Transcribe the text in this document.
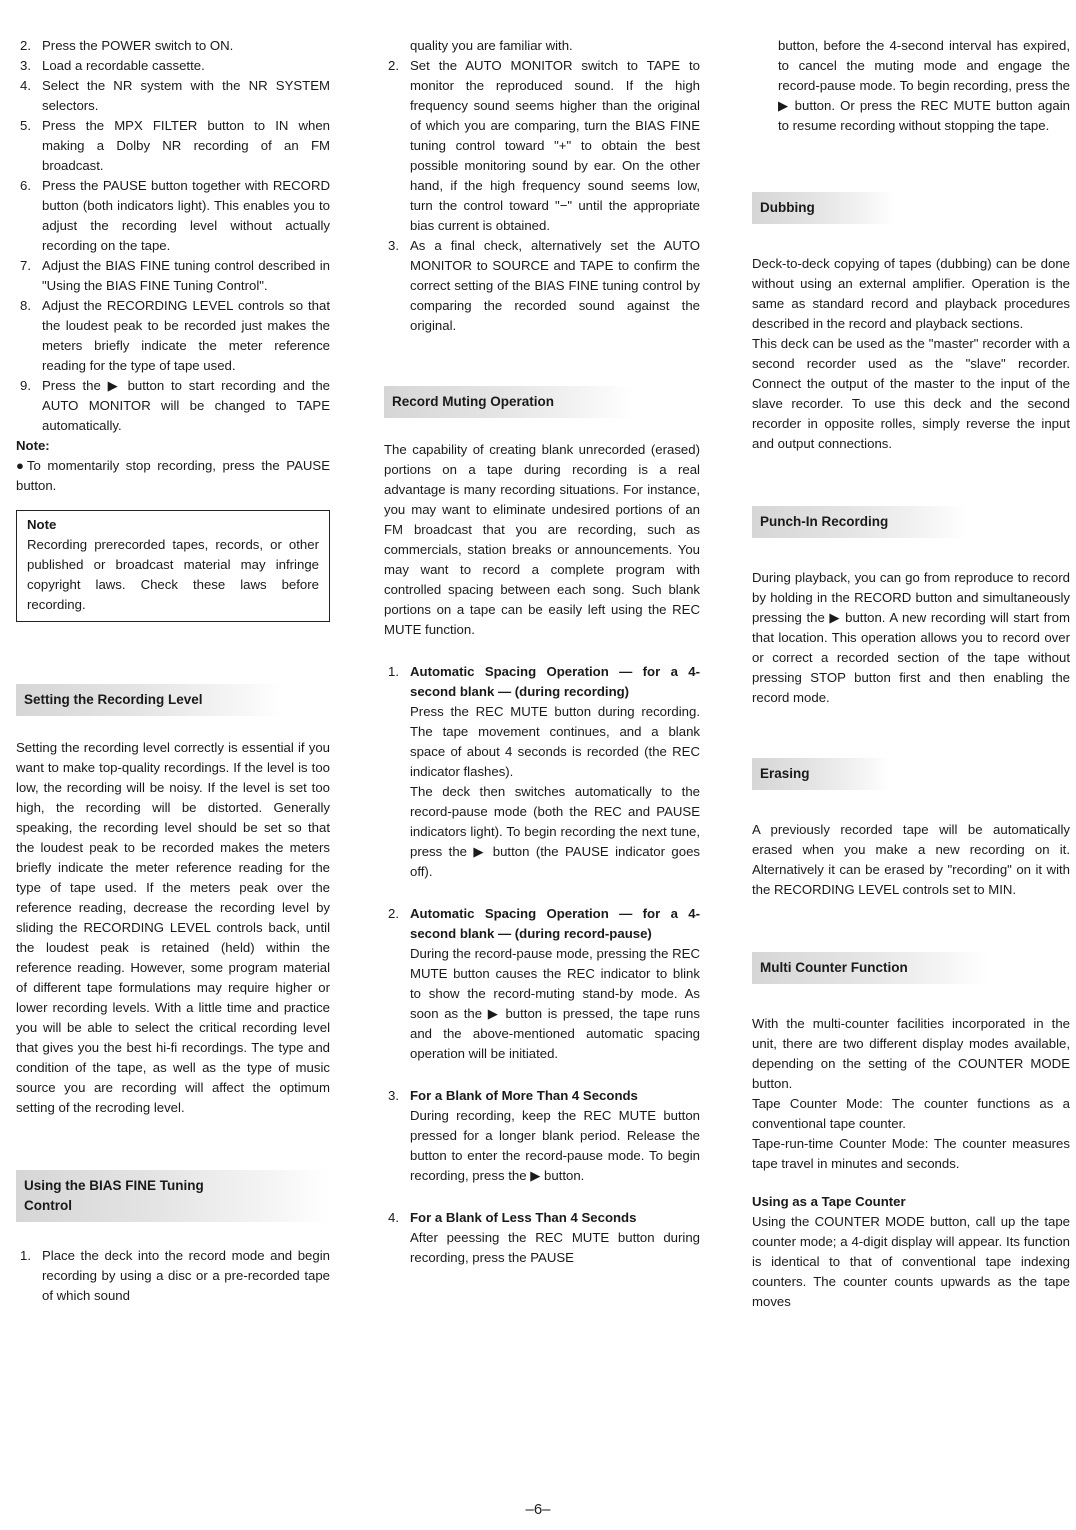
2. Press the POWER switch to ON.
3. Load a recordable cassette.
4. Select the NR system with the NR SYSTEM selectors.
5. Press the MPX FILTER button to IN when making a Dolby NR recording of an FM broadcast.
6. Press the PAUSE button together with RECORD button (both indicators light). This enables you to adjust the recording level without actually recording on the tape.
7. Adjust the BIAS FINE tuning control described in "Using the BIAS FINE Tuning Control".
8. Adjust the RECORDING LEVEL controls so that the loudest peak to be recorded just makes the meters briefly indicate the meter reference reading for the type of tape used.
9. Press the ▶ button to start recording and the AUTO MONITOR will be changed to TAPE automatically.

Note:

●To momentarily stop recording, press the PAUSE button.

Note

Recording prerecorded tapes, records, or other published or broadcast material may infringe copyright laws. Check these laws before recording.

Setting the Recording Level

Setting the recording level correctly is essential if you want to make top-quality recordings. If the level is too low, the recording will be noisy. If the level is set too high, the recording will be distorted. Generally speaking, the recording level should be set so that the loudest peak to be recorded makes the meters briefly indicate the meter reference reading for the type of tape used. If the meters peak over the reference reading, decrease the recording level by sliding the RECORDING LEVEL controls back, until the loudest peak is retained (held) within the reference reading. However, some program material of different tape formulations may require higher or lower recording levels. With a little time and practice you will be able to select the critical recording level that gives you the best hi-fi recordings. The type and condition of the tape, as well as the type of music source you are recording will affect the optimum setting of the recroding level.

Using the BIAS FINE Tuning Control
1. Place the deck into the record mode and begin recording by using a disc or a pre-recorded tape of which sound
quality you are familiar with.
2. Set the AUTO MONITOR switch to TAPE to monitor the reproduced sound. If the high frequency sound seems higher than the original of which you are comparing, turn the BIAS FINE tuning control toward "+" to obtain the best possible monitoring sound by ear. On the other hand, if the high frequency sound seems low, turn the control toward "−" until the appropriate bias current is obtained.
3. As a final check, alternatively set the AUTO MONITOR to SOURCE and TAPE to confirm the correct setting of the BIAS FINE tuning control by comparing the recorded sound against the original.
Record Muting Operation

The capability of creating blank unrecorded (erased) portions on a tape during recording is a real advantage is many recording situations. For instance, you may want to eliminate undesired portions of an FM broadcast that you are recording, such as commercials, station breaks or announcements. You may want to record a complete program with controlled spacing between each song. Such blank portions on a tape can be easily left using the REC MUTE function.

1. Automatic Spacing Operation — for a 4-second blank — (during recording)

Press the REC MUTE button during recording. The tape movement continues, and a blank space of about 4 seconds is recorded (the REC indicator flashes).

The deck then switches automatically to the record-pause mode (both the REC and PAUSE indicators light). To begin recording the next tune, press the ▶ button (the PAUSE indicator goes off).

2. Automatic Spacing Operation — for a 4-second blank — (during record-pause)

During the record-pause mode, pressing the REC MUTE button causes the REC indicator to blink to show the record-muting stand-by mode. As soon as the ▶ button is pressed, the tape runs and the above-mentioned automatic spacing operation will be initiated.

3. For a Blank of More Than 4 Seconds

During recording, keep the REC MUTE button pressed for a longer blank period. Release the button to enter the record-pause mode. To begin recording, press the ▶ button.

4. For a Blank of Less Than 4 Seconds

After peessing the REC MUTE button during recording, press the PAUSE

button, before the 4-second interval has expired, to cancel the muting mode and engage the record-pause mode. To begin recording, press the ▶ button. Or press the REC MUTE button again to resume recording without stopping the tape.

Dubbing

Deck-to-deck copying of tapes (dubbing) can be done without using an external amplifier. Operation is the same as standard record and playback procedures described in the record and playback sections.

This deck can be used as the "master" recorder with a second recorder used as the "slave" recorder. Connect the output of the master to the input of the slave recorder. To use this deck and the second recorder in opposite rolles, simply reverse the input and output connections.

Punch-In Recording

During playback, you can go from reproduce to record by holding in the RECORD button and simultaneously pressing the ▶ button. A new recording will start from that location. This operation allows you to record over or correct a recorded section of the tape without pressing STOP button first and then enabling the record mode.

Erasing

A previously recorded tape will be automatically erased when you make a new recording on it. Alternatively it can be erased by "recording" on it with the RECORDING LEVEL controls set to MIN.

Multi Counter Function

With the multi-counter facilities incorporated in the unit, there are two different display modes available, depending on the setting of the COUNTER MODE button.

Tape Counter Mode: The counter functions as a conventional tape counter.

Tape-run-time Counter Mode: The counter measures tape travel in minutes and seconds.

Using as a Tape Counter

Using the COUNTER MODE button, call up the tape counter mode; a 4-digit display will appear. Its function is identical to that of conventional tape indexing counters. The counter counts upwards as the tape moves

–6–
